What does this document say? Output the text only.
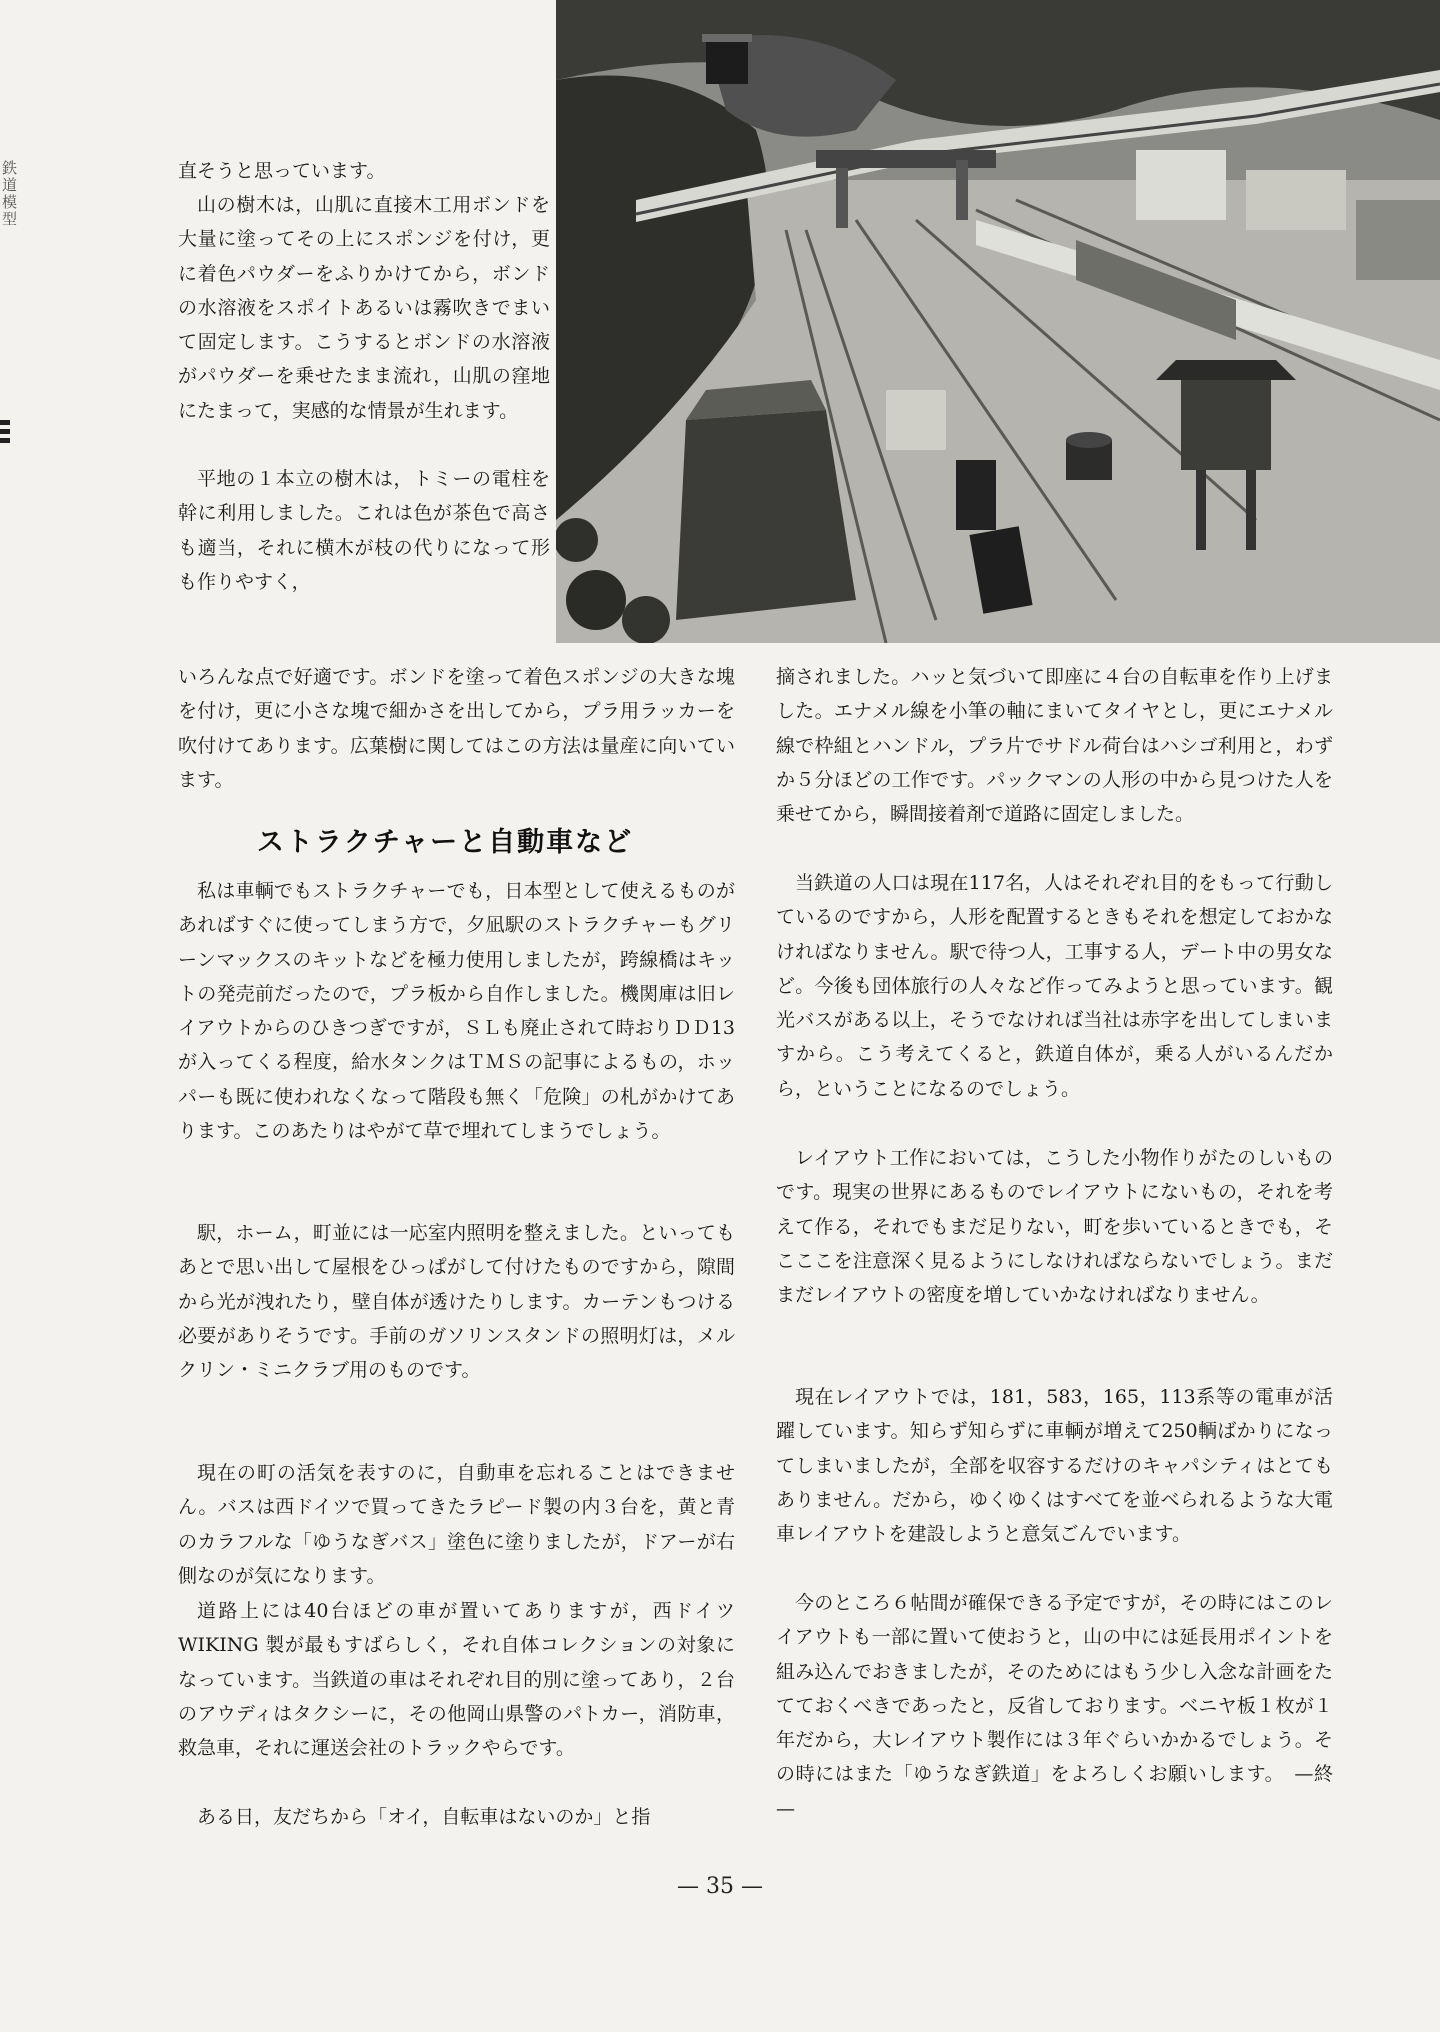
鉄道模型	直そうと思っています。

山の樹木は，山肌に直接木工用ボンドを大量に塗ってその上にスポンジを付け，更に着色パウダーをふりかけてから，ボンドの水溶液をスポイトあるいは霧吹きでまいて固定します。こうするとボンドの水溶液がパウダーを乗せたまま流れ，山肌の窪地にたまって，実感的な情景が生れます。

平地の１本立の樹木は，トミーの電柱を幹に利用しました。これは色が茶色で高さも適当，それに横木が枝の代りになって形も作りやすく，

いろんな点で好適です。ボンドを塗って着色スポンジの大きな塊を付け，更に小さな塊で細かさを出してから，プラ用ラッカーを吹付けてあります。広葉樹に関してはこの方法は量産に向いています。

ストラクチャーと自動車など

私は車輌でもストラクチャーでも，日本型として使えるものがあればすぐに使ってしまう方で，夕凪駅のストラクチャーもグリーンマックスのキットなどを極力使用しましたが，跨線橋はキットの発売前だったので，プラ板から自作しました。機関庫は旧レイアウトからのひきつぎですが，ＳＬも廃止されて時おりＤＤ13が入ってくる程度，給水タンクはＴＭＳの記事によるもの，ホッパーも既に使われなくなって階段も無く「危険」の札がかけてあります。このあたりはやがて草で埋れてしまうでしょう。

駅，ホーム，町並には一応室内照明を整えました。といってもあとで思い出して屋根をひっぱがして付けたものですから，隙間から光が洩れたり，壁自体が透けたりします。カーテンもつける必要がありそうです。手前のガソリンスタンドの照明灯は，メルクリン・ミニクラブ用のものです。

現在の町の活気を表すのに，自動車を忘れることはできません。バスは西ドイツで買ってきたラピード製の内３台を，黄と青のカラフルな「ゆうなぎバス」塗色に塗りましたが，ドアーが右側なのが気になります。

道路上には40台ほどの車が置いてありますが，西ドイツ WIKING 製が最もすばらしく，それ自体コレクションの対象になっています。当鉄道の車はそれぞれ目的別に塗ってあり，２台のアウディはタクシーに，その他岡山県警のパトカー，消防車，救急車，それに運送会社のトラックやらです。

ある日，友だちから「オイ，自転車はないのか」と指

摘されました。ハッと気づいて即座に４台の自転車を作り上げました。エナメル線を小筆の軸にまいてタイヤとし，更にエナメル線で枠組とハンドル，プラ片でサドル荷台はハシゴ利用と，わずか５分ほどの工作です。パックマンの人形の中から見つけた人を乗せてから，瞬間接着剤で道路に固定しました。

当鉄道の人口は現在117名，人はそれぞれ目的をもって行動しているのですから，人形を配置するときもそれを想定しておかなければなりません。駅で待つ人，工事する人，デート中の男女など。今後も団体旅行の人々など作ってみようと思っています。観光バスがある以上，そうでなければ当社は赤字を出してしまいますから。こう考えてくると，鉄道自体が，乗る人がいるんだから，ということになるのでしょう。

レイアウト工作においては，こうした小物作りがたのしいものです。現実の世界にあるものでレイアウトにないもの，それを考えて作る，それでもまだ足りない，町を歩いているときでも，そこここを注意深く見るようにしなければならないでしょう。まだまだレイアウトの密度を増していかなければなりません。

現在レイアウトでは，181，583，165，113系等の電車が活躍しています。知らず知らずに車輌が増えて250輌ばかりになってしまいましたが，全部を収容するだけのキャパシティはとてもありません。だから，ゆくゆくはすべてを並べられるような大電車レイアウトを建設しようと意気ごんでいます。

今のところ６帖間が確保できる予定ですが，その時にはこのレイアウトも一部に置いて使おうと，山の中には延長用ポイントを組み込んでおきましたが，そのためにはもう少し入念な計画をたてておくべきであったと，反省しております。ベニヤ板１枚が１年だから，大レイアウト製作には３年ぐらいかかるでしょう。その時にはまた「ゆうなぎ鉄道」をよろしくお願いします。　—終—

— 35 —
